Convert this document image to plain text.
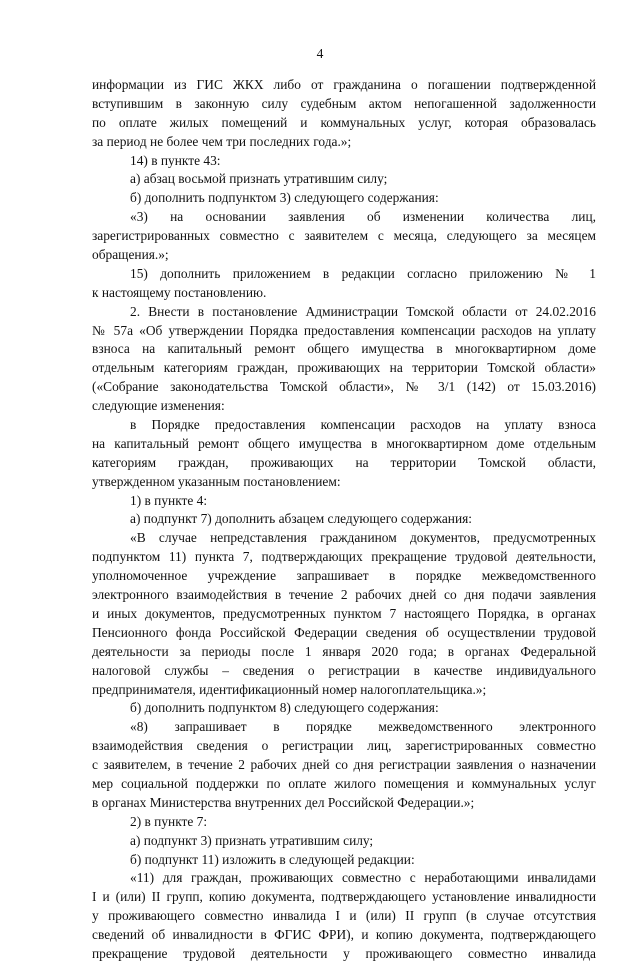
4
информации из ГИС ЖКХ либо от гражданина о погашении подтвержденной
вступившим в законную силу судебным актом непогашенной задолженности
по оплате жилых помещений и коммунальных услуг, которая образовалась
за период не более чем три последних года.»;
14) в пункте 43:
а) абзац восьмой признать утратившим силу;
б) дополнить подпунктом 3) следующего содержания:
«3) на основании заявления об изменении количества лиц,
зарегистрированных совместно с заявителем с месяца, следующего за месяцем
обращения.»;
15) дополнить приложением в редакции согласно приложению № 1
к настоящему постановлению.
2. Внести в постановление Администрации Томской области от 24.02.2016
№ 57а «Об утверждении Порядка предоставления компенсации расходов на уплату
взноса на капитальный ремонт общего имущества в многоквартирном доме
отдельным категориям граждан, проживающих на территории Томской области»
(«Собрание законодательства Томской области», № 3/1 (142) от 15.03.2016)
следующие изменения:
в Порядке предоставления компенсации расходов на уплату взноса
на капитальный ремонт общего имущества в многоквартирном доме отдельным
категориям граждан, проживающих на территории Томской области,
утвержденном указанным постановлением:
1) в пункте 4:
а) подпункт 7) дополнить абзацем следующего содержания:
«В случае непредставления гражданином документов, предусмотренных
подпунктом 11) пункта 7, подтверждающих прекращение трудовой деятельности,
уполномоченное учреждение запрашивает в порядке межведомственного
электронного взаимодействия в течение 2 рабочих дней со дня подачи заявления
и иных документов, предусмотренных пунктом 7 настоящего Порядка, в органах
Пенсионного фонда Российской Федерации сведения об осуществлении трудовой
деятельности за периоды после 1 января 2020 года; в органах Федеральной
налоговой службы – сведения о регистрации в качестве индивидуального
предпринимателя, идентификационный номер налогоплательщика.»;
б) дополнить подпунктом 8) следующего содержания:
«8) запрашивает в порядке межведомственного электронного
взаимодействия сведения о регистрации лиц, зарегистрированных совместно
с заявителем, в течение 2 рабочих дней со дня регистрации заявления о назначении
мер социальной поддержки по оплате жилого помещения и коммунальных услуг
в органах Министерства внутренних дел Российской Федерации.»;
2) в пункте 7:
а) подпункт 3) признать утратившим силу;
б) подпункт 11) изложить в следующей редакции:
«11) для граждан, проживающих совместно с неработающими инвалидами
I и (или) II групп, копию документа, подтверждающего установление инвалидности
у проживающего совместно инвалида I и (или) II групп (в случае отсутствия
сведений об инвалидности в ФГИС ФРИ), и копию документа, подтверждающего
прекращение трудовой деятельности у проживающего совместно инвалида
